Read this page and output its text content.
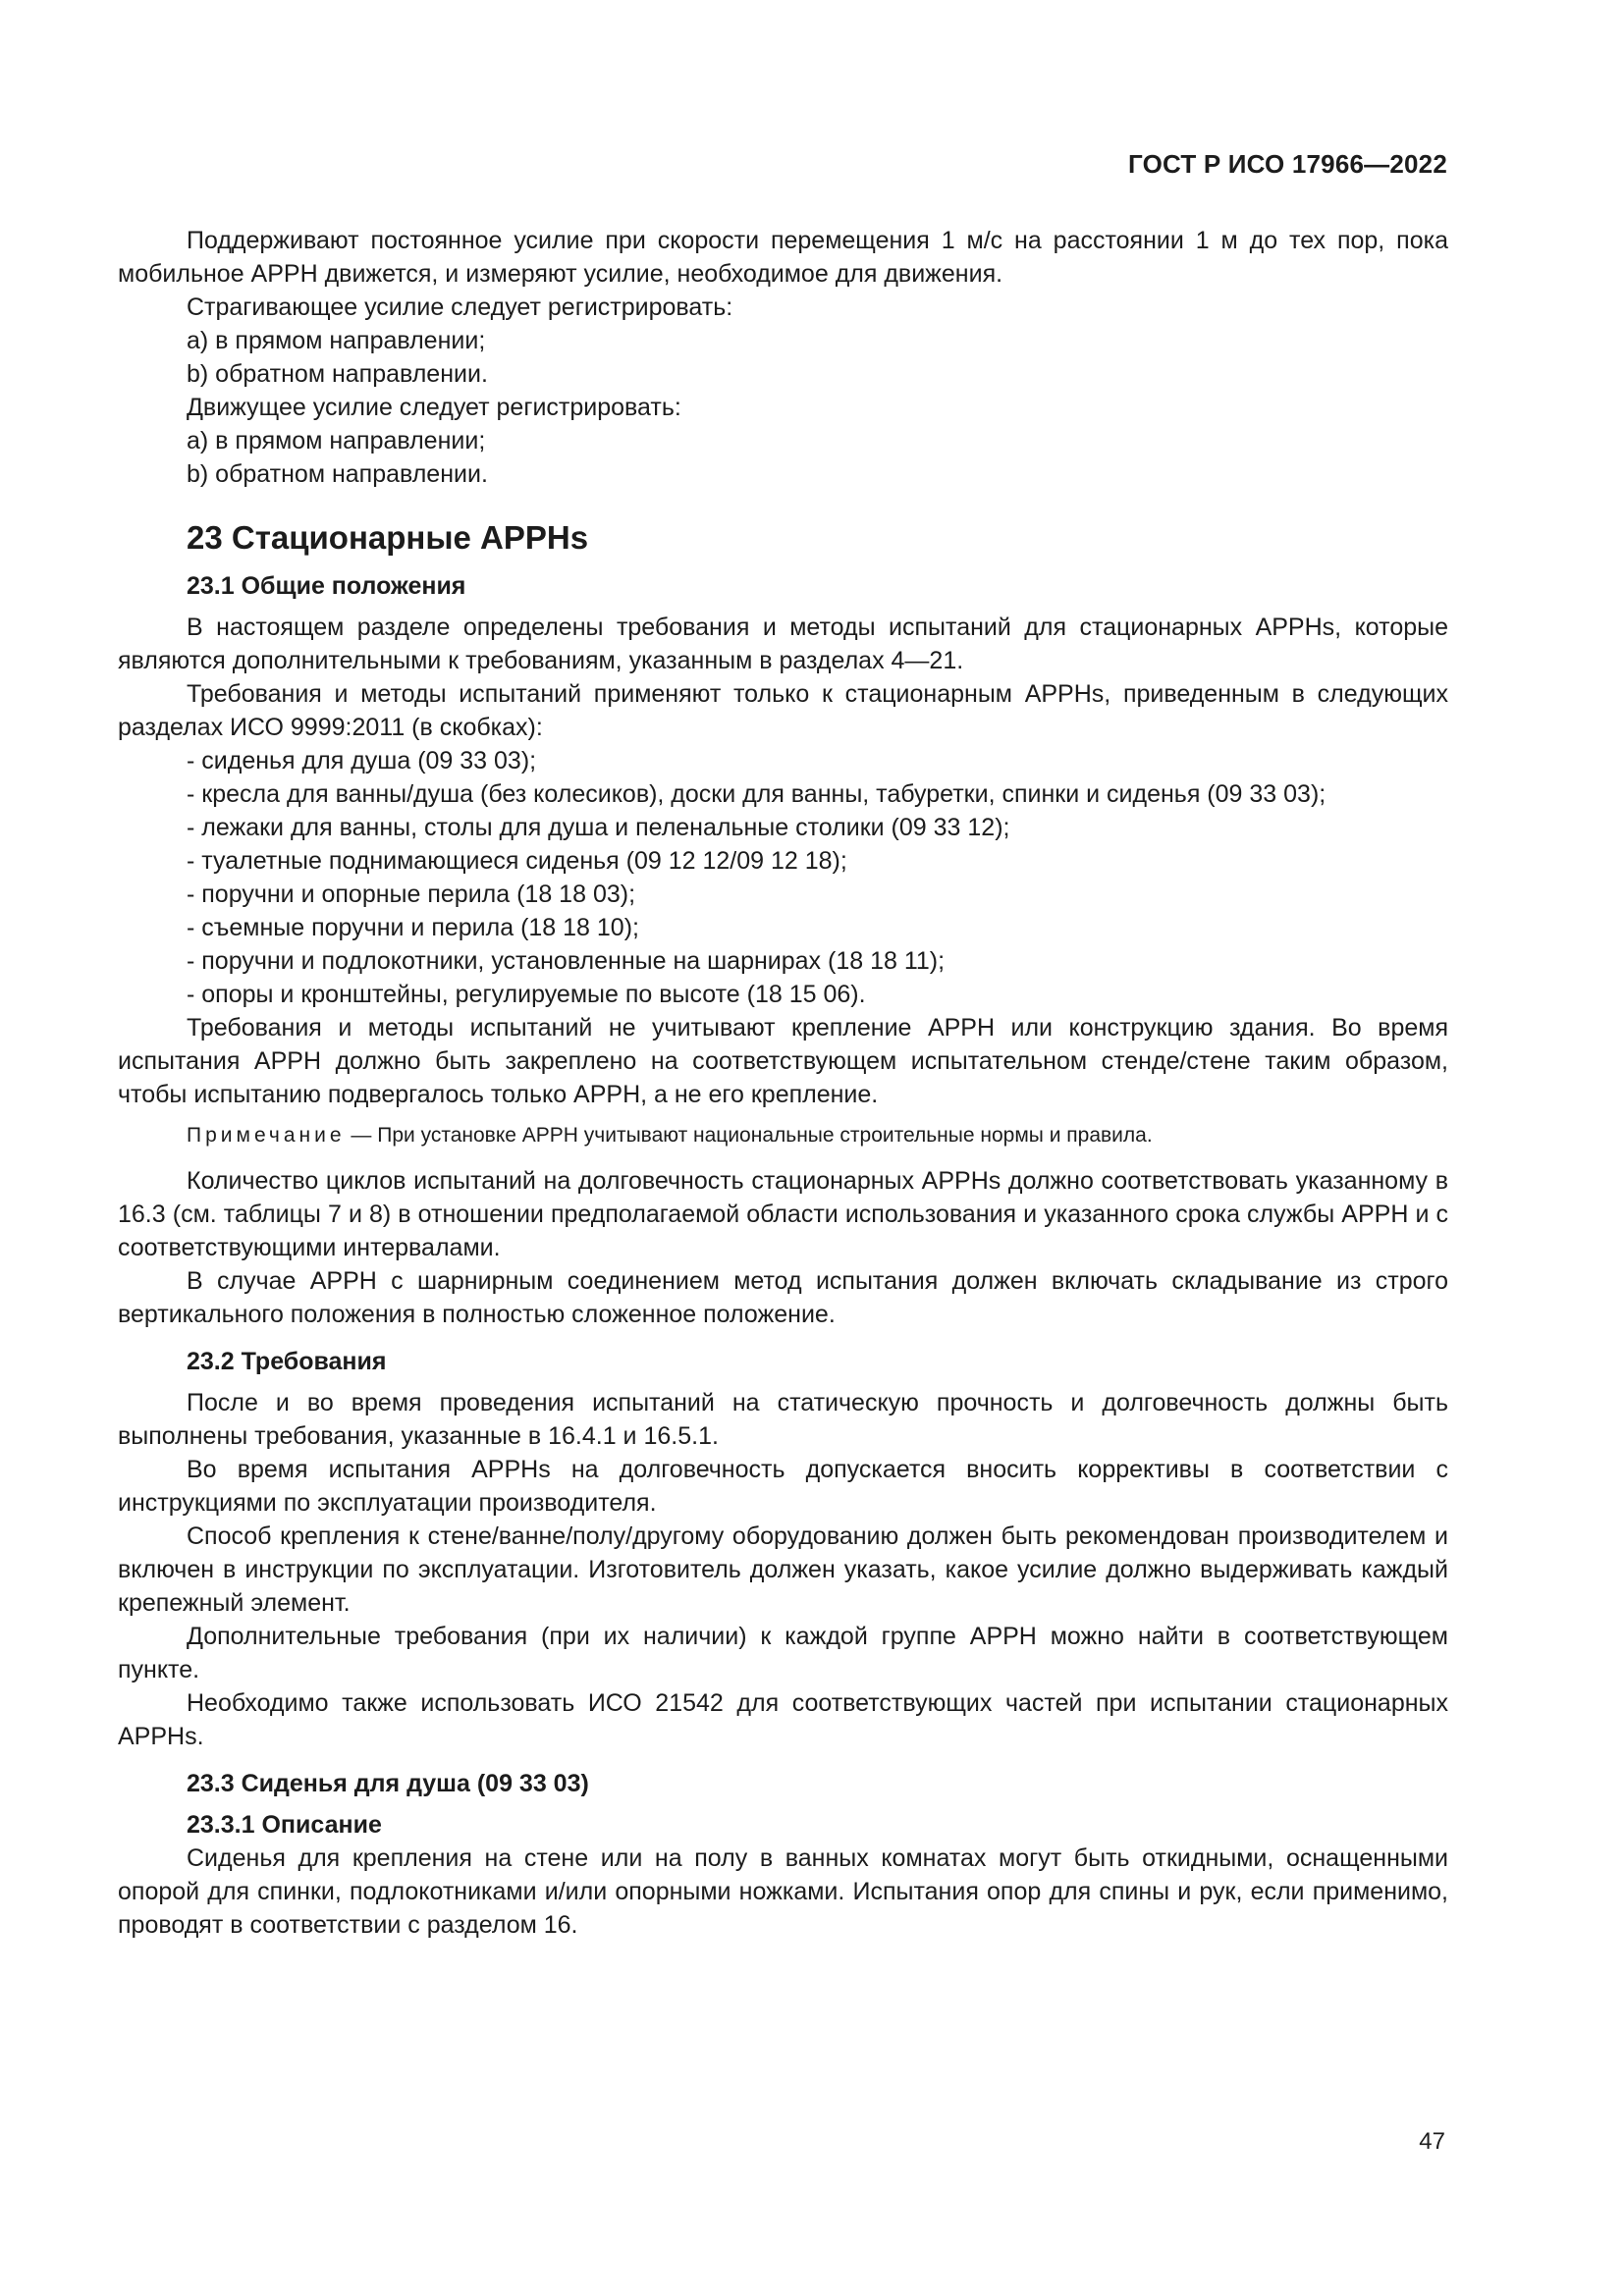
ГОСТ Р ИСО 17966—2022

Поддерживают постоянное усилие при скорости перемещения 1 м/с на расстоянии 1 м до тех пор, пока мобильное АРРН движется, и измеряют усилие, необходимое для движения.

Страгивающее усилие следует регистрировать:

a) в прямом направлении;
b) обратном направлении.

Движущее усилие следует регистрировать:

a) в прямом направлении;
b) обратном направлении.
23 Стационарные APPHs
23.1 Общие положения

В настоящем разделе определены требования и методы испытаний для стационарных APPHs, которые являются дополнительными к требованиям, указанным в разделах 4—21.

Требования и методы испытаний применяют только к стационарным APPHs, приведенным в следующих разделах ИСО 9999:2011 (в скобках):

- сиденья для душа (09 33 03);
- кресла для ванны/душа (без колесиков), доски для ванны, табуретки, спинки и сиденья (09 33 03);
- лежаки для ванны, столы для душа и пеленальные столики (09 33 12);
- туалетные поднимающиеся сиденья (09 12 12/09 12 18);
- поручни и опорные перила (18 18 03);
- съемные поручни и перила (18 18 10);
- поручни и подлокотники, установленные на шарнирах (18 18 11);
- опоры и кронштейны, регулируемые по высоте (18 15 06).

Требования и методы испытаний не учитывают крепление АРРН или конструкцию здания. Во время испытания АРРН должно быть закреплено на соответствующем испытательном стенде/стене таким образом, чтобы испытанию подвергалось только АРРН, а не его крепление.

Примечание — При установке АРРН учитывают национальные строительные нормы и правила.

Количество циклов испытаний на долговечность стационарных APPHs должно соответствовать указанному в 16.3 (см. таблицы 7 и 8) в отношении предполагаемой области использования и указанного срока службы АРРН и с соответствующими интервалами.

В случае АРРН с шарнирным соединением метод испытания должен включать складывание из строго вертикального положения в полностью сложенное положение.

23.2 Требования

После и во время проведения испытаний на статическую прочность и долговечность должны быть выполнены требования, указанные в 16.4.1 и 16.5.1.

Во время испытания APPHs на долговечность допускается вносить коррективы в соответствии с инструкциями по эксплуатации производителя.

Способ крепления к стене/ванне/полу/другому оборудованию должен быть рекомендован производителем и включен в инструкции по эксплуатации. Изготовитель должен указать, какое усилие должно выдерживать каждый крепежный элемент.

Дополнительные требования (при их наличии) к каждой группе АРРН можно найти в соответствующем пункте.

Необходимо также использовать ИСО 21542 для соответствующих частей при испытании стационарных APPHs.

23.3 Сиденья для душа (09 33 03)
23.3.1 Описание

Сиденья для крепления на стене или на полу в ванных комнатах могут быть откидными, оснащенными опорой для спинки, подлокотниками и/или опорными ножками. Испытания опор для спины и рук, если применимо, проводят в соответствии с разделом 16.

47
